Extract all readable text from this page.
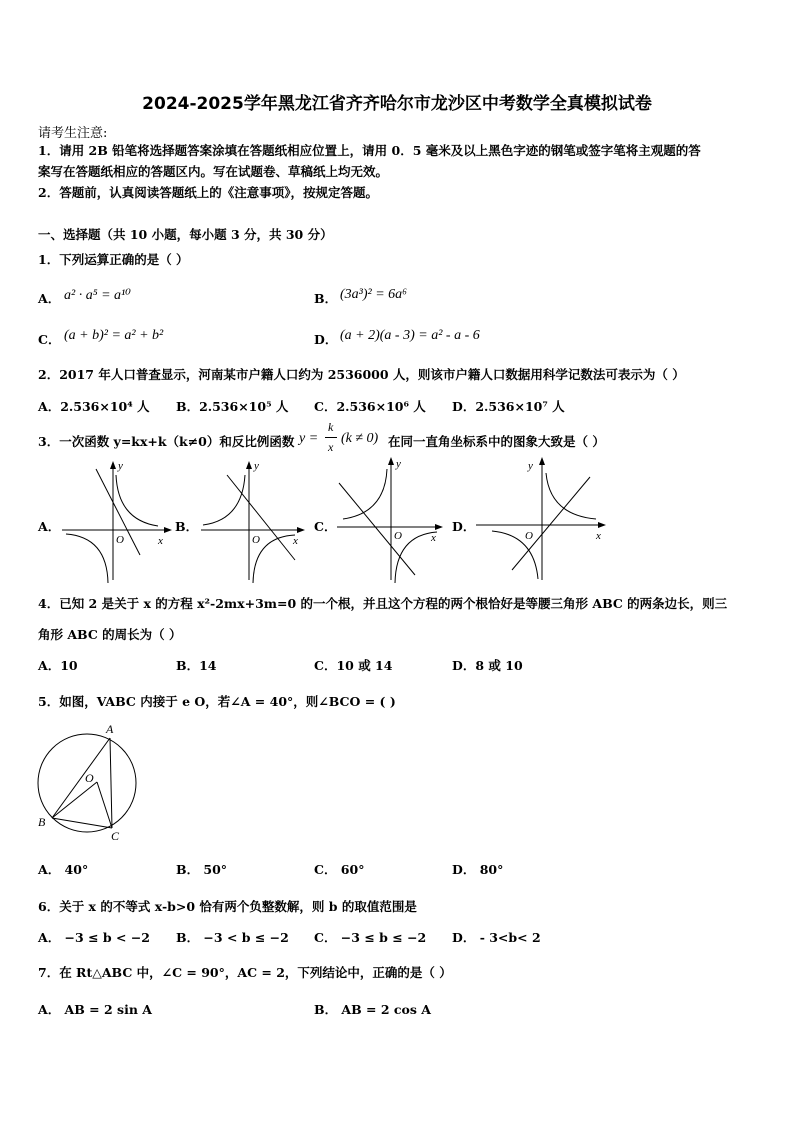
2024-2025学年黑龙江省齐齐哈尔市龙沙区中考数学全真模拟试卷
请考生注意:
1．请用 2B 铅笔将选择题答案涂填在答题纸相应位置上，请用 0．5 毫米及以上黑色字迹的钢笔或签字笔将主观题的答
案写在答题纸相应的答题区内。写在试题卷、草稿纸上均无效。
2．答题前，认真阅读答题纸上的《注意事项》，按规定答题。
一、选择题（共 10 小题，每小题 3 分，共 30 分）
1．下列运算正确的是（ ）
A． a² · a⁵ = a¹⁰	B． (3a³)² = 6a⁶
C． (a + b)² = a² + b²	D． (a + 2)(a - 3) = a² - a - 6
2．2017 年人口普查显示，河南某市户籍人口约为 2536000 人，则该市户籍人口数据用科学记数法可表示为（ ）
A．2.536×10⁴ 人 B．2.536×10⁵ 人 C．2.536×10⁶ 人 D．2.536×10⁷ 人
3．一次函数 y=kx+k（k≠0）和反比例函数 y =
k
x
(k ≠ 0) 在同一直角坐标系中的图象大致是（ ）
A．	B．	C．	D．
x
y
O	x
y
O	x
y
O	x
y
O
4．已知 2 是关于 x 的方程 x²-2mx+3m=0 的一个根，并且这个方程的两个根恰好是等腰三角形 ABC 的两条边长，则三
角形 ABC 的周长为（ ）
A．10	B．14	C．10 或 14	D．8 或 10
5．如图，VABC 内接于 e O，若∠A = 40°，则∠BCO = ( )
A
B
C
O
A． 40°	B． 50°	C． 60°	D． 80°
6．关于 x 的不等式 x-b>0 恰有两个负整数解，则 b 的取值范围是
A． −3 ≤ b < −2 B． −3 < b ≤ −2 C． −3 ≤ b ≤ −2 D． - 3<b< 2
7．在 Rt△ABC 中，∠C = 90°，AC = 2，下列结论中，正确的是（ ）
A． AB = 2 sin A	B． AB = 2 cos A
